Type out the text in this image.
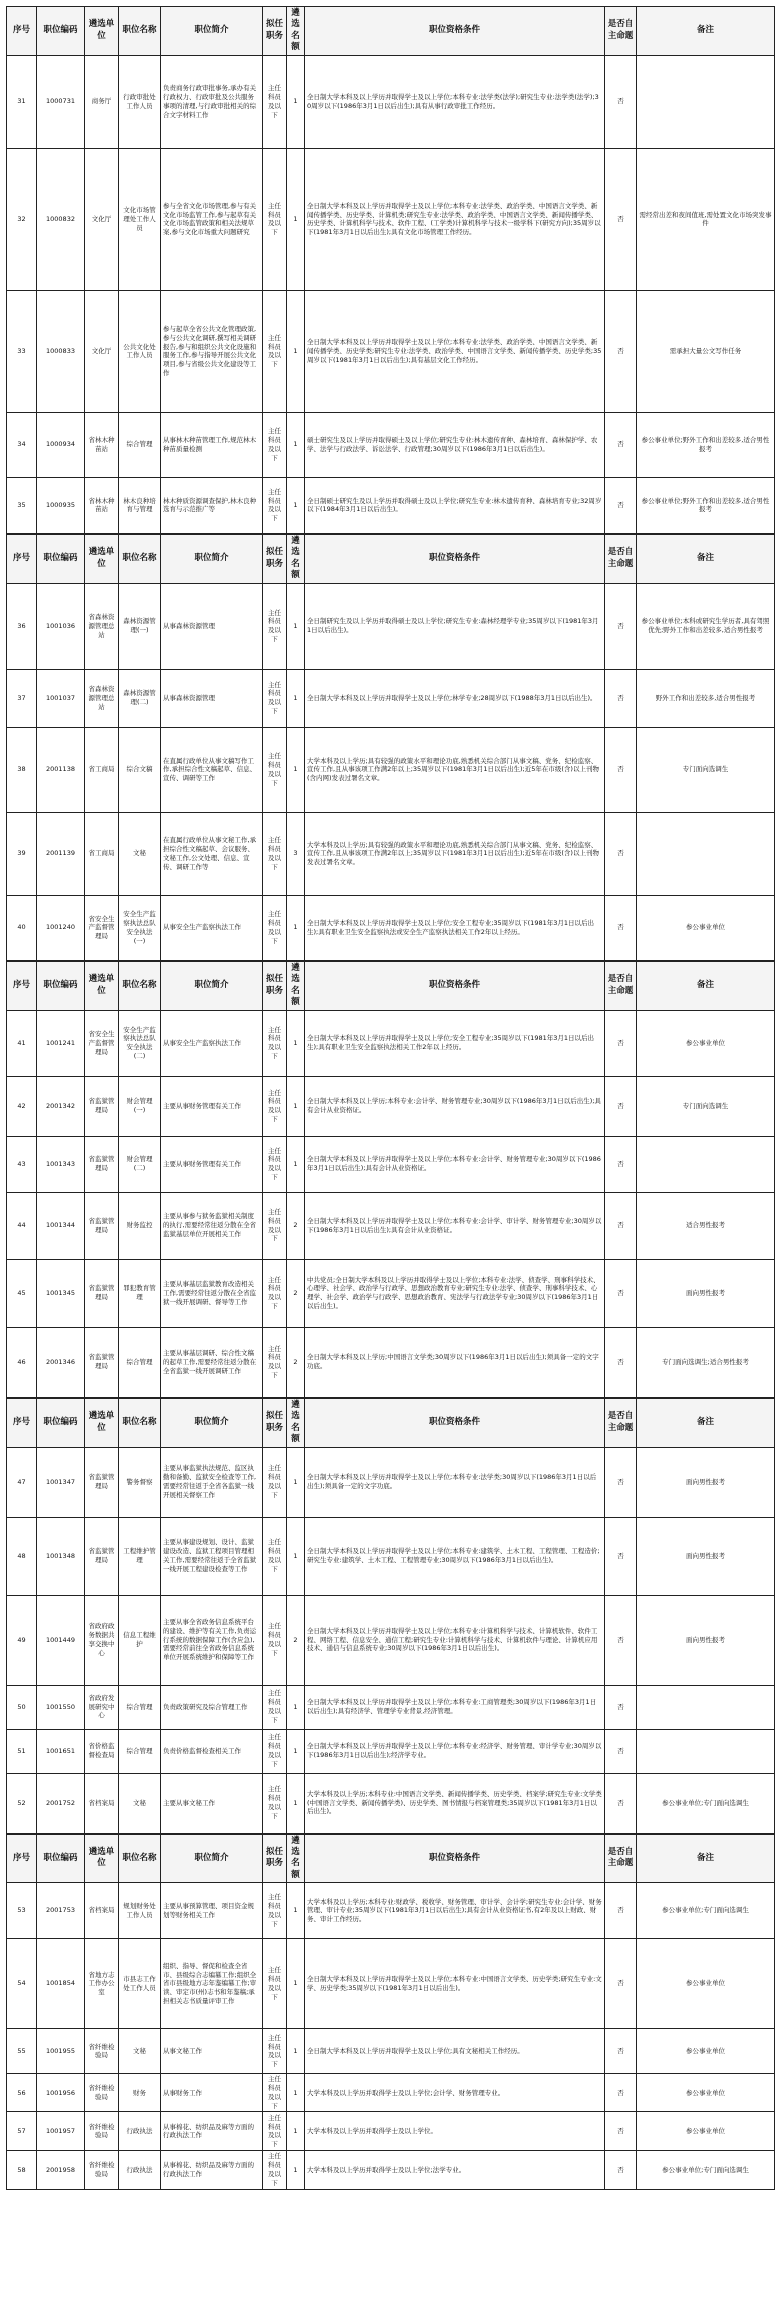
序号	职位编码	遴选单位	职位名称	职位简介	拟任职务	遴选名额	职位资格条件	是否自主命题	备注
31	1000731	商务厅	行政审批处工作人员	负责商务行政审批事务,承办有关行政权力、行政审批及公共服务事项的清理,与行政审批相关的综合文字材料工作	主任科员及以下	1	全日制大学本科及以上学历并取得学士及以上学位;本科专业:法学类(法学);研究生专业:法学类(法学);30周岁以下(1986年3月1日以后出生);具有从事行政审批工作经历。	否	
32	1000832	文化厅	文化市场管理处工作人员	参与全省文化市场管理,参与有关文化市场监管工作,参与起草有关文化市场监管政策和相关法规草案,参与文化市场重大问题研究	主任科员及以下	1	全日制大学本科及以上学历并取得学士及以上学位;本科专业:法学类、政治学类、中国语言文学类、新闻传播学类、历史学类、计算机类;研究生专业:法学类、政治学类、中国语言文学类、新闻传播学类、历史学类、计算机科学与技术、软件工程、(工学类)计算机科学与技术一级学科下(研究方向);35周岁以下(1981年3月1日以后出生);具有文化市场管理工作经历。	否	需经常出差和夜间值班,需处置文化市场突发事件
33	1000833	文化厅	公共文化处工作人员	参与起草全省公共文化管理政策,参与公共文化调研,撰写相关调研报告,参与和组织公共文化设施和服务工作,参与指导开展公共文化项目,参与省级公共文化建设等工作	主任科员及以下	1	全日制大学本科及以上学历并取得学士及以上学位;本科专业:法学类、政治学类、中国语言文学类、新闻传播学类、历史学类;研究生专业:法学类、政治学类、中国语言文学类、新闻传播学类、历史学类;35周岁以下(1981年3月1日以后出生);具有基层文化工作经历。	否	需承担大量公文写作任务
34	1000934	省林木种苗站	综合管理	从事林木种苗管理工作,规范林木种苗质量检测	主任科员及以下	1	硕士研究生及以上学历并取得硕士及以上学位;研究生专业:林木遗传育种、森林培育、森林保护学、农学、法学与行政法学、诉讼法学、行政管理;30周岁以下(1986年3月1日以后出生)。	否	参公事业单位;野外工作和出差较多,适合男性报考
35	1000935	省林木种苗站	林木良种培育与管理	林木种质资源调查保护,林木良种选育与示范推广等	主任科员及以下	1	全日制硕士研究生及以上学历并取得硕士及以上学位;研究生专业:林木遗传育种、森林培育专业;32周岁以下(1984年3月1日以后出生)。	否	参公事业单位;野外工作和出差较多,适合男性报考
序号	职位编码	遴选单位	职位名称	职位简介	拟任职务	遴选名额	职位资格条件	是否自主命题	备注
36	1001036	省森林资源管理总站	森林资源管理(一)	从事森林资源管理	主任科员及以下	1	全日制研究生及以上学历并取得硕士及以上学位;研究生专业:森林经理学专业;35周岁以下(1981年3月1日以后出生)。	否	参公事业单位;本科或研究生学历者,具有驾照优先;野外工作和出差较多,适合男性报考
37	1001037	省森林资源管理总站	森林资源管理(二)	从事森林资源管理	主任科员及以下	1	全日制大学本科及以上学历并取得学士及以上学位;林学专业;28周岁以下(1988年3月1日以后出生)。	否	野外工作和出差较多,适合男性报考
38	2001138	省工商局	综合文稿	在直属行政单位从事文稿写作工作,承担综合性文稿起草、信息、宣传、调研等工作	主任科员及以下	1	大学本科及以上学历;具有较强的政策水平和理论功底,熟悉机关综合部门从事文稿、党务、纪检监察、宣传工作,且从事该项工作满2年以上;35周岁以下(1981年3月1日以后出生);近5年在市级(含)以上刊物(含内网)发表过署名文章。	否	专门面向选调生
39	2001139	省工商局	文秘	在直属行政单位从事文秘工作,承担综合性文稿起草、会议服务、文秘工作,公文处理、信息、宣传、调研工作等	主任科员及以下	3	大学本科及以上学历;具有较强的政策水平和理论功底,熟悉机关综合部门从事文稿、党务、纪检监察、宣传工作,且从事该项工作满2年以上;35周岁以下(1981年3月1日以后出生);近5年在市级(含)以上刊物发表过署名文章。	否	
40	1001240	省安全生产监督管理局	安全生产监察执法总队安全执法(一)	从事安全生产监察执法工作	主任科员及以下	1	全日制大学本科及以上学历并取得学士及以上学位;安全工程专业;35周岁以下(1981年3月1日以后出生);具有职业卫生安全监察执法或安全生产监察执法相关工作2年以上经历。	否	参公事业单位
序号	职位编码	遴选单位	职位名称	职位简介	拟任职务	遴选名额	职位资格条件	是否自主命题	备注
41	1001241	省安全生产监督管理局	安全生产监察执法总队安全执法(二)	从事安全生产监察执法工作	主任科员及以下	1	全日制大学本科及以上学历并取得学士及以上学位;安全工程专业;35周岁以下(1981年3月1日以后出生);具有职业卫生安全监察执法相关工作2年以上经历。	否	参公事业单位
42	2001342	省监狱管理局	财会管理(一)	主要从事财务管理有关工作	主任科员及以下	1	全日制大学本科及以上学历;本科专业:会计学、财务管理专业;30周岁以下(1986年3月1日以后出生);具有会计从业资格证。	否	专门面向选调生
43	1001343	省监狱管理局	财会管理(二)	主要从事财务管理有关工作	主任科员及以下	1	全日制大学本科及以上学历并取得学士及以上学位;本科专业:会计学、财务管理专业;30周岁以下(1986年3月1日以后出生);具有会计从业资格证。	否	
44	1001344	省监狱管理局	财务监控	主要从事参与狱务监狱相关制度的执行,需要经常往返分散在全省监狱基层单位开展相关工作	主任科员及以下	2	全日制大学本科及以上学历并取得学士及以上学位;本科专业:会计学、审计学、财务管理专业;30周岁以下(1986年3月1日以后出生);具有会计从业资格证。	否	适合男性报考
45	1001345	省监狱管理局	罪犯教育管理	主要从事基层监狱教育改造相关工作,需要经常往返分散在全省监狱一线开展调研、督导等工作	主任科员及以下	2	中共党员;全日制大学本科及以上学历并取得学士及以上学位;本科专业:法学、侦查学、刑事科学技术、心理学、社会学、政治学与行政学、思想政治教育专业;研究生专业:法学、侦查学、刑事科学技术、心理学、社会学、政治学与行政学、思想政治教育、宪法学与行政法学专业;30周岁以下(1986年3月1日以后出生)。	否	面向男性报考
46	2001346	省监狱管理局	综合管理	主要从事基层调研、综合性文稿的起草工作,需要经常往返分散在全省监狱一线开展调研工作	主任科员及以下	2	全日制大学本科及以上学历;中国语言文学类;30周岁以下(1986年3月1日以后出生);须具备一定的文字功底。	否	专门面向选调生;适合男性报考
序号	职位编码	遴选单位	职位名称	职位简介	拟任职务	遴选名额	职位资格条件	是否自主命题	备注
47	1001347	省监狱管理局	警务督察	主要从事监狱执法规范、监区执勤和备勤、监狱安全检查等工作,需要经常往返于全省各监狱一线开展相关督察工作	主任科员及以下	1	全日制大学本科及以上学历并取得学士及以上学位;本科专业:法学类;30周岁以下(1986年3月1日以后出生);须具备一定的文字功底。	否	面向男性报考
48	1001348	省监狱管理局	工程维护管理	主要从事建设规划、设计、监狱建设改造、监狱工程项目管理相关工作,需要经常往返于全省监狱一线开展工程建设检查等工作	主任科员及以下	1	全日制大学本科及以上学历并取得学士及以上学位;本科专业:建筑学、土木工程、工程管理、工程造价;研究生专业:建筑学、土木工程、工程管理专业;30周岁以下(1986年3月1日以后出生)。	否	面向男性报考
49	1001449	省政府政务数据共享交换中心	信息工程维护	主要从事全省政务信息系统平台的建设、维护等有关工作,负责运行系统的数据保障工作(含应急),需要经常前往全省政务信息系统单位开展系统维护和保障等工作	主任科员及以下	2	全日制大学本科及以上学历并取得学士及以上学位;本科专业:计算机科学与技术、计算机软件、软件工程、网络工程、信息安全、通信工程;研究生专业:计算机科学与技术、计算机软件与理论、计算机应用技术、通信与信息系统专业;30周岁以下(1986年3月1日以后出生)。	否	面向男性报考
50	1001550	省政府发展研究中心	综合管理	负责政策研究及综合管理工作	主任科员及以下	1	全日制大学本科及以上学历并取得学士及以上学位;本科专业:工商管理类;30周岁以下(1986年3月1日以后出生);具有经济学、管理学专业背景,经济管理。	否	
51	1001651	省价格监督检查局	综合管理	负责价格监督检查相关工作	主任科员及以下	1	全日制大学本科及以上学历并取得学士及以上学位;本科专业:经济学、财务管理、审计学专业;30周岁以下(1986年3月1日以后出生);经济学专业。	否	
52	2001752	省档案局	文秘	主要从事文秘工作	主任科员及以下	1	大学本科及以上学历;本科专业:中国语言文学类、新闻传播学类、历史学类、档案学;研究生专业:文学类(中国语言文学类、新闻传播学类)、历史学类、图书情报与档案管理类;35周岁以下(1981年3月1日以后出生)。	否	参公事业单位;专门面向选调生
序号	职位编码	遴选单位	职位名称	职位简介	拟任职务	遴选名额	职位资格条件	是否自主命题	备注
53	2001753	省档案局	规划财务处工作人员	主要从事预算管理、项目资金规划等财务相关工作	主任科员及以下	1	大学本科及以上学历;本科专业:财政学、税收学、财务管理、审计学、会计学;研究生专业:会计学、财务管理、审计专业;35周岁以下(1981年3月1日以后出生);具有会计从业资格证书,有2年及以上财政、财务、审计工作经历。	否	参公事业单位;专门面向选调生
54	1001854	省地方志工作办公室	市县志工作处工作人员	组织、指导、督促和检查全省市、县级综合志编纂工作;组织全省市县级地方志年鉴编纂工作;审读、审定市(州)志书和年鉴稿;承担相关志书质量评审工作	主任科员及以下	1	全日制大学本科及以上学历并取得学士及以上学位;本科专业:中国语言文学类、历史学类;研究生专业:文学、历史学类;35周岁以下(1981年3月1日以后出生)。	否	参公事业单位
55	1001955	省纤维检验局	文秘	从事文秘工作	主任科员及以下	1	全日制大学本科及以上学历并取得学士及以上学位;具有文秘相关工作经历。	否	参公事业单位
56	1001956	省纤维检验局	财务	从事财务工作	主任科员及以下	1	大学本科及以上学历并取得学士及以上学位;会计学、财务管理专业。	否	参公事业单位
57	1001957	省纤维检验局	行政执法	从事棉花、纺织品及麻等方面的行政执法工作	主任科员及以下	1	大学本科及以上学历并取得学士及以上学位。	否	参公事业单位
58	2001958	省纤维检验局	行政执法	从事棉花、纺织品及麻等方面的行政执法工作	主任科员及以下	1	大学本科及以上学历并取得学士及以上学位;法学专业。	否	参公事业单位;专门面向选调生
